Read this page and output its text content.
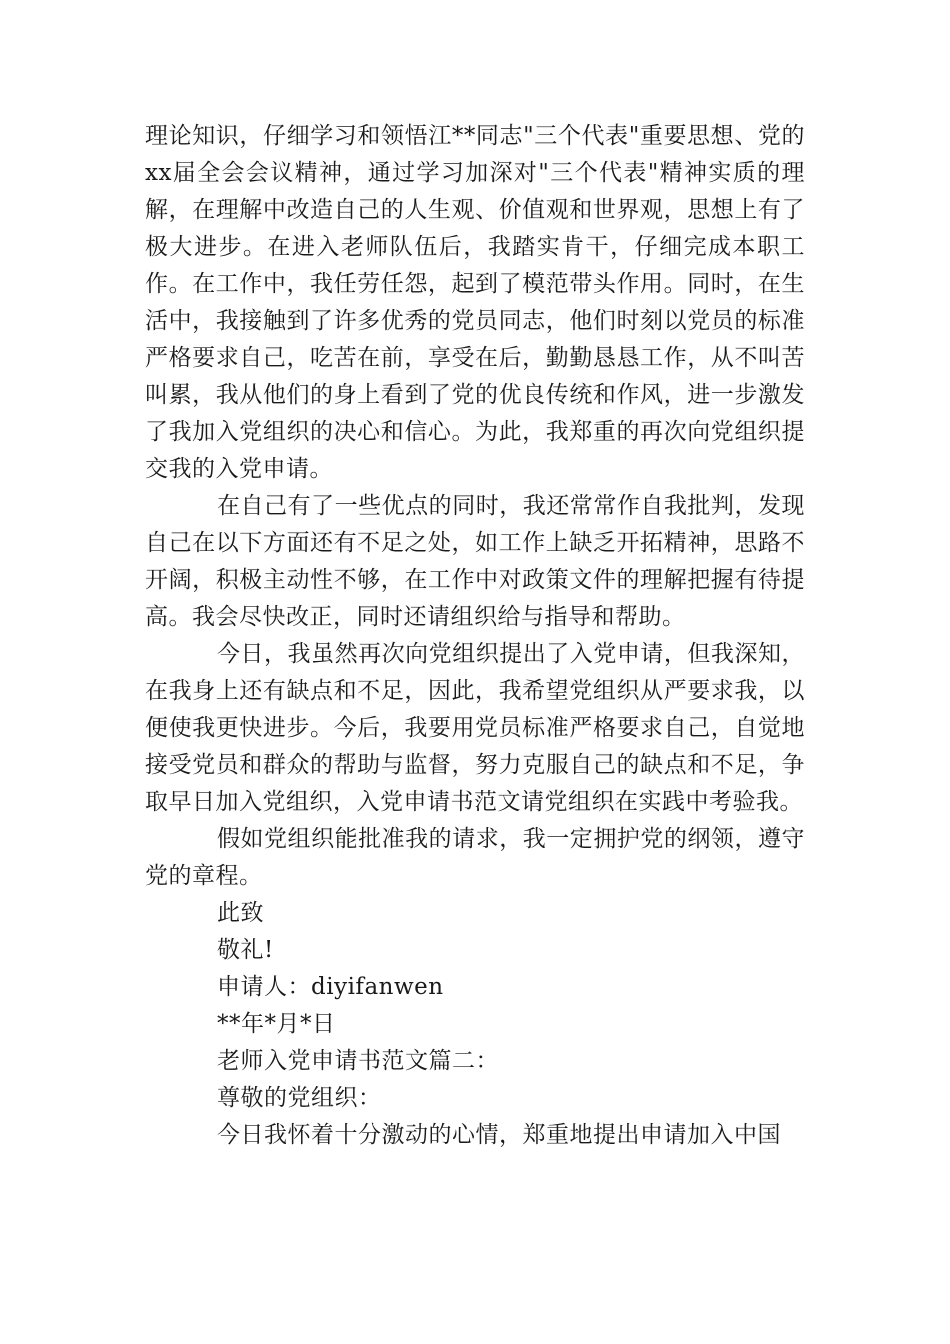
理论知识，仔细学习和领悟江**同志"三个代表"重要思想、党的xx届全会会议精神，通过学习加深对"三个代表"精神实质的理解，在理解中改造自己的人生观、价值观和世界观，思想上有了极大进步。在进入老师队伍后，我踏实肯干，仔细完成本职工作。在工作中，我任劳任怨，起到了模范带头作用。同时，在生活中，我接触到了许多优秀的党员同志，他们时刻以党员的标准严格要求自己，吃苦在前，享受在后，勤勤恳恳工作，从不叫苦叫累，我从他们的身上看到了党的优良传统和作风，进一步激发了我加入党组织的决心和信心。为此，我郑重的再次向党组织提交我的入党申请。

在自己有了一些优点的同时，我还常常作自我批判，发现自己在以下方面还有不足之处，如工作上缺乏开拓精神，思路不开阔，积极主动性不够，在工作中对政策文件的理解把握有待提高。我会尽快改正，同时还请组织给与指导和帮助。

今日，我虽然再次向党组织提出了入党申请，但我深知，在我身上还有缺点和不足，因此，我希望党组织从严要求我，以便使我更快进步。今后，我要用党员标准严格要求自己，自觉地接受党员和群众的帮助与监督，努力克服自己的缺点和不足，争取早日加入党组织，入党申请书范文请党组织在实践中考验我。

假如党组织能批准我的请求，我一定拥护党的纲领，遵守党的章程。

此致

敬礼!

申请人：diyifanwen

**年*月*日

老师入党申请书范文篇二：

尊敬的党组织：

今日我怀着十分激动的心情，郑重地提出申请加入中国
